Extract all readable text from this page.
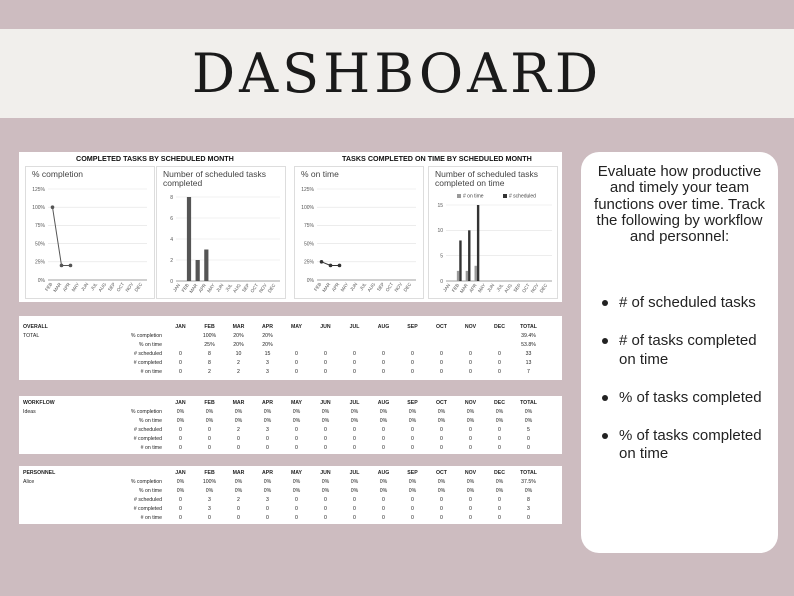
DASHBOARD
COMPLETED TASKS BY SCHEDULED MONTH	TASKS COMPLETED ON TIME BY SCHEDULED MONTH
% completion
125%
100%
75%
50%
25%
0%
FEB MAR APR MAY JUN JUL AUG SEP OCT NOV DEC
Number of scheduled tasks completed
8
6
4
2
0
JAN FEB
MAR APR MAY JUN JUL
AUG SEP OCT
NOV DEC
% on time
125%
100%
75%
50%
25%
0%
FEB MAR APR MAY JUN JUL AUG SEP OCT NOV DEC
Number of scheduled tasks completed on time
15
10
5
0
JAN FEB
MAR APR MAY JUN JUL AUG SEP OCT NOV DEC
# on time	# scheduled
OVERALL		JAN	FEB	MAR	APR	MAY	JUN	JUL	AUG	SEP	OCT	NOV	DEC	TOTAL
TOTAL	% completion		100%	20%	20%									39.4%
	% on time		25%	20%	20%									53.8%
	# scheduled	0	8	10	15	0	0	0	0	0	0	0	0	33
	# completed	0	8	2	3	0	0	0	0	0	0	0	0	13
	# on time	0	2	2	3	0	0	0	0	0	0	0	0	7
WORKFLOW		JAN	FEB	MAR	APR	MAY	JUN	JUL	AUG	SEP	OCT	NOV	DEC	TOTAL
Ideas	% completion	0%	0%	0%	0%	0%	0%	0%	0%	0%	0%	0%	0%	0%
	% on time	0%	0%	0%	0%	0%	0%	0%	0%	0%	0%	0%	0%	0%
	# scheduled	0	0	2	3	0	0	0	0	0	0	0	0	5
	# completed	0	0	0	0	0	0	0	0	0	0	0	0	0
	# on time	0	0	0	0	0	0	0	0	0	0	0	0	0
PERSONNEL		JAN	FEB	MAR	APR	MAY	JUN	JUL	AUG	SEP	OCT	NOV	DEC	TOTAL
Alice	% completion	0%	100%	0%	0%	0%	0%	0%	0%	0%	0%	0%	0%	37.5%
	% on time	0%	0%	0%	0%	0%	0%	0%	0%	0%	0%	0%	0%	0%
	# scheduled	0	3	2	3	0	0	0	0	0	0	0	0	8
	# completed	0	3	0	0	0	0	0	0	0	0	0	0	3
	# on time	0	0	0	0	0	0	0	0	0	0	0	0	0
Evaluate how productive and timely your team functions over time. Track the following by workflow and personnel:
# of scheduled tasks
# of tasks completed on time
% of tasks completed
% of tasks completed on time
